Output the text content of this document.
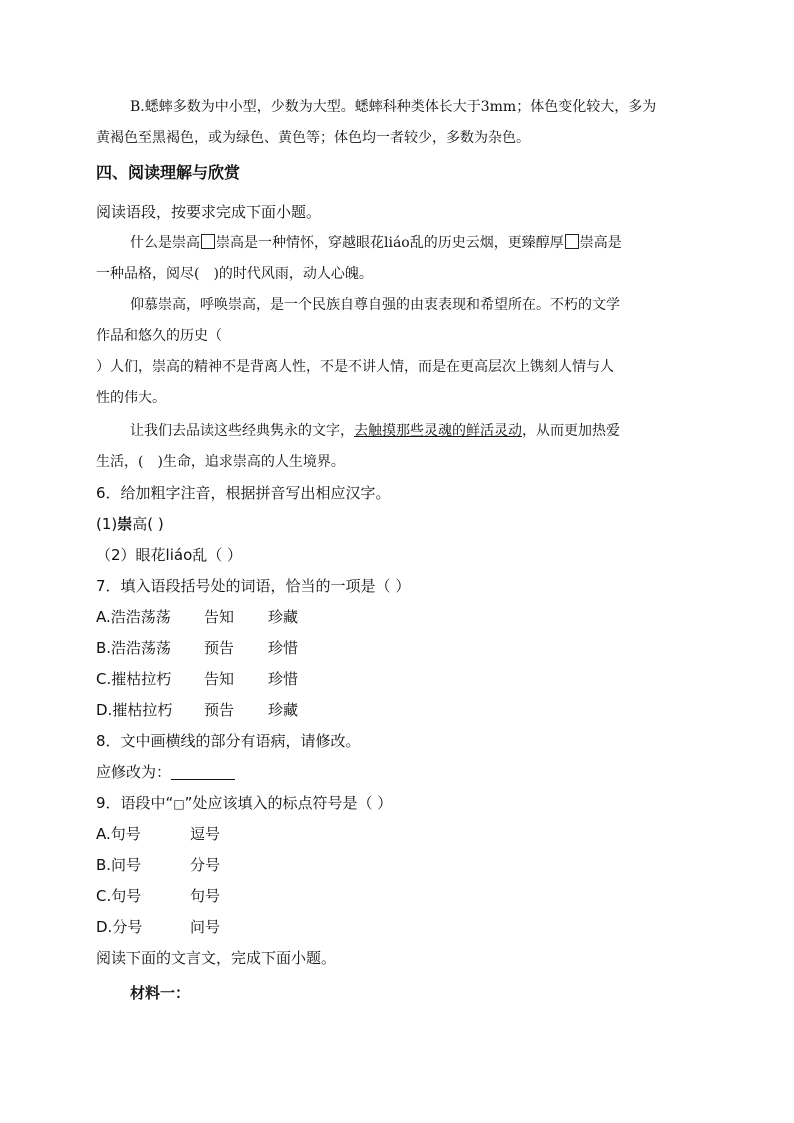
B.蟋蟀多数为中小型，少数为大型。蟋蟀科种类体长大于3mm；体色变化较大，多为
黄褐色至黑褐色，或为绿色、黄色等；体色均一者较少，多数为杂色。
四、阅读理解与欣赏
阅读语段，按要求完成下面小题。
什么是崇高 崇高是一种情怀，穿越眼花liáo乱的历史云烟，更臻醇厚 崇高是
一种品格，阅尽(　)的时代风雨，动人心魄。
仰慕崇高，呼唤崇高，是一个民族自尊自强的由衷表现和希望所在。不朽的文学
作品和悠久的历史（
）人们，崇高的精神不是背离人性，不是不讲人情，而是在更高层次上镌刻人情与人
性的伟大。
让我们去品读这些经典隽永的文字，去触摸那些灵魂的鲜活灵动，从而更加热爱
生活，(　)生命，追求崇高的人生境界。
6．给加粗字注音，根据拼音写出相应汉字。
(1)崇高( )
（2）眼花liáo乱（ ）
7．填入语段括号处的词语，恰当的一项是（ ）
A.浩浩荡荡 告知 珍藏
B.浩浩荡荡 预告 珍惜
C.摧枯拉朽 告知 珍惜
D.摧枯拉朽 预告 珍藏
8．文中画横线的部分有语病，请修改。
应修改为：
9．语段中“□”处应该填入的标点符号是（ ）
A.句号	逗号
B.问号	分号
C.句号	句号
D.分号	问号
阅读下面的文言文，完成下面小题。
材料一：
